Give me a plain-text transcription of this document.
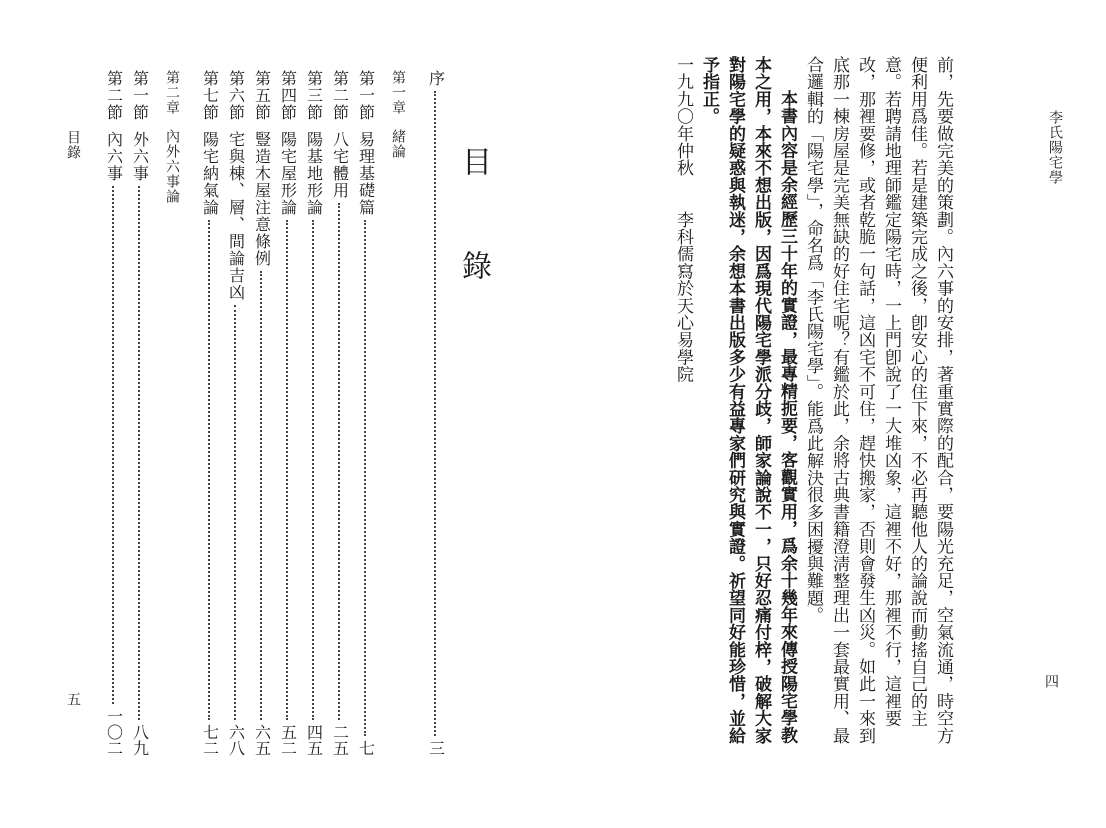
李氏陽宅學
四

前，先要做完美的策劃。內六事的安排，著重實際的配合，要陽光充足，空氣流通，時空方便利用爲佳。若是建築完成之後，卽安心的住下來，不必再聽他人的論說而動搖自己的主意。若聘請地理師鑑定陽宅時，一上門卽說了一大堆凶象，這裡不好，那裡不行，這裡要改，那裡要修，或者乾脆一句話，這凶宅不可住，趕快搬家，否則會發生凶災。如此一來到底那一棟房屋是完美無缺的好住宅呢？有鑑於此，余將古典書籍澄淸整理出一套最實用、最合邏輯的「陽宅學」，命名爲「李氏陽宅學」。能爲此解決很多困擾與難題。

本書內容是余經歷三十年的實證，最專精扼要，客觀實用，爲余十幾年來傳授陽宅學教本之用，本來不想出版，因爲現代陽宅學派分歧，師家論說不一，只好忍痛付梓，破解大家對陽宅學的疑惑與執迷，余想本書出版多少有益專家們研究與實證。祈望同好能珍惜，並給予指正。

一九九〇年仲秋　　李科儒寫於天心易學院

目錄
五
目　錄
序
三
第一章
緒論
第一節
易理基礎篇
七
第二節
八宅體用
二五
第三節
陽基地形論
四五
第四節
陽宅屋形論
五二
第五節
豎造木屋注意條例
六五
第六節
宅與棟、層、間論吉凶
六八
第七節
陽宅納氣論
七二
第二章
內外六事論
第一節
外六事
八九
第二節
內六事
一〇二
